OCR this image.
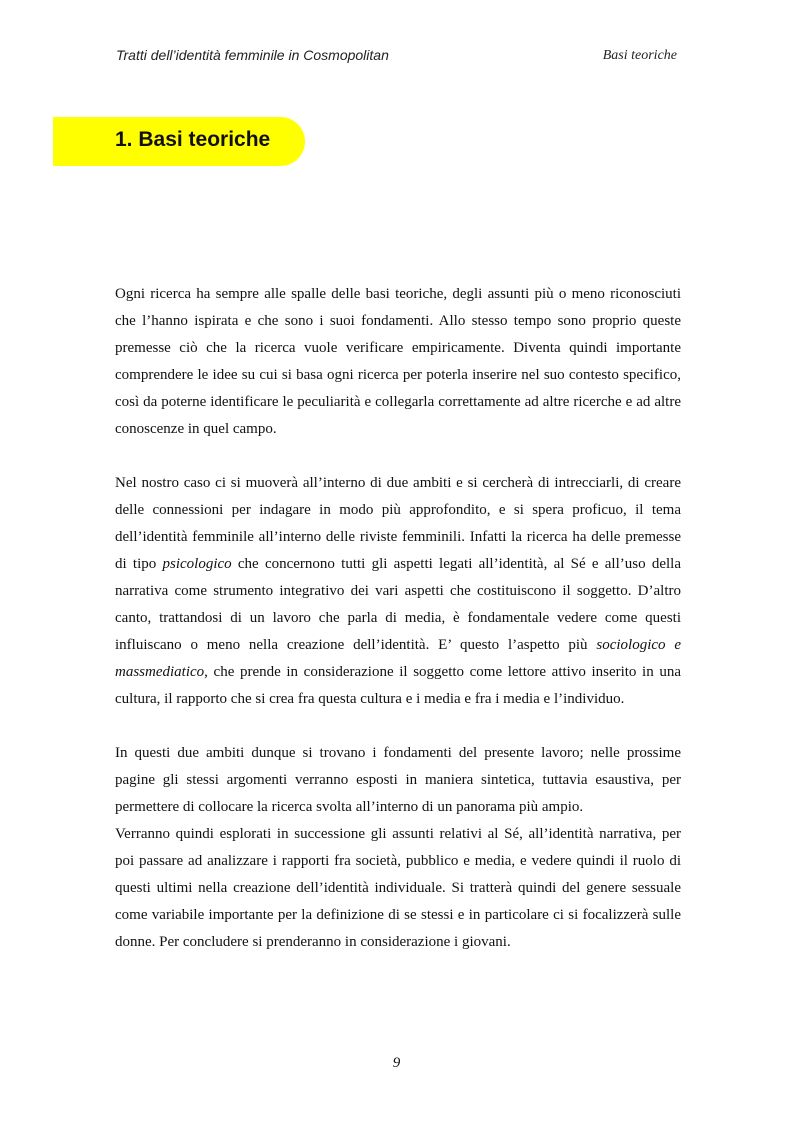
Tratti dell’identità femminile in Cosmopolitan	Basi teoriche
1. Basi teoriche

Ogni ricerca ha sempre alle spalle delle basi teoriche, degli assunti più o meno riconosciuti che l’hanno ispirata e che sono i suoi fondamenti. Allo stesso tempo sono proprio queste premesse ciò che la ricerca vuole verificare empiricamente. Diventa quindi importante comprendere le idee su cui si basa ogni ricerca per poterla inserire nel suo contesto specifico, così da poterne identificare le peculiarità e collegarla correttamente ad altre ricerche e ad altre conoscenze in quel campo.

Nel nostro caso ci si muoverà all’interno di due ambiti e si cercherà di intrecciarli, di creare delle connessioni per indagare in modo più approfondito, e si spera proficuo, il tema dell’identità femminile all’interno delle riviste femminili. Infatti la ricerca ha delle premesse di tipo psicologico che concernono tutti gli aspetti legati all’identità, al Sé e all’uso della narrativa come strumento integrativo dei vari aspetti che costituiscono il soggetto. D’altro canto, trattandosi di un lavoro che parla di media, è fondamentale vedere come questi influiscano o meno nella creazione dell’identità. E’ questo l’aspetto più sociologico e massmediatico, che prende in considerazione il soggetto come lettore attivo inserito in una cultura, il rapporto che si crea fra questa cultura e i media e fra i media e l’individuo.

In questi due ambiti dunque si trovano i fondamenti del presente lavoro; nelle prossime pagine gli stessi argomenti verranno esposti in maniera sintetica, tuttavia esaustiva, per permettere di collocare la ricerca svolta all’interno di un panorama più ampio.

Verranno quindi esplorati in successione gli assunti relativi al Sé, all’identità narrativa, per poi passare ad analizzare i rapporti fra società, pubblico e media, e vedere quindi il ruolo di questi ultimi nella creazione dell’identità individuale. Si tratterà quindi del genere sessuale come variabile importante per la definizione di se stessi e in particolare ci si focalizzerà sulle donne. Per concludere si prenderanno in considerazione i giovani.

9
